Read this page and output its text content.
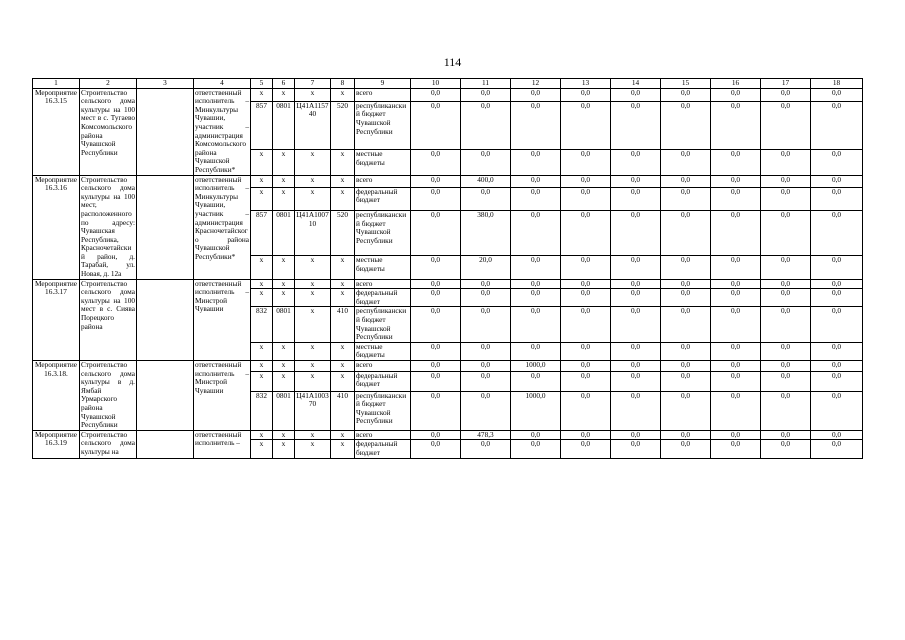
114
1	2	3	4	5	6	7	8	9	10	11	12	13	14	15	16	17	18
Мероприятие 16.3.15	Строительство сельского дома культуры на 100 мест в с. Тугаево Комсомольского района Чувашской Республики		ответственный исполнитель – Минкультуры Чувашии, участник – администрация Комсомольского района Чувашской Республики*	x	x	x	x	всего	0,0	0,0	0,0	0,0	0,0	0,0	0,0	0,0	0,0
				857	0801	Ц41А115740	520	республиканский бюджет Чувашской Республики	0,0	0,0	0,0	0,0	0,0	0,0	0,0	0,0	0,0
				x	x	x	x	местные бюджеты	0,0	0,0	0,0	0,0	0,0	0,0	0,0	0,0	0,0
Мероприятие 16.3.16	Строительство сельского дома культуры на 100 мест, расположенного по адресу: Чувашская Республика, Красночетайский район, д. Тарабай, ул. Новая, д. 12а		ответственный исполнитель – Минкультуры Чувашии, участник – администрация Красночетайского района Чувашской Республики*	x	x	x	x	всего	0,0	400,0	0,0	0,0	0,0	0,0	0,0	0,0	0,0
				x	x	x	x	федеральный бюджет	0,0	0,0	0,0	0,0	0,0	0,0	0,0	0,0	0,0
				857	0801	Ц41А100710	520	республиканский бюджет Чувашской Республики	0,0	380,0	0,0	0,0	0,0	0,0	0,0	0,0	0,0
				x	x	x	x	местные бюджеты	0,0	20,0	0,0	0,0	0,0	0,0	0,0	0,0	0,0
Мероприятие 16.3.17	Строительство сельского дома культуры на 100 мест в с. Сиява Порецкого района		ответственный исполнитель – Минстрой Чувашии	x	x	x	x	всего	0,0	0,0	0,0	0,0	0,0	0,0	0,0	0,0	0,0
				x	x	x	x	федеральный бюджет	0,0	0,0	0,0	0,0	0,0	0,0	0,0	0,0	0,0
				832	0801	x	410	республиканский бюджет Чувашской Республики	0,0	0,0	0,0	0,0	0,0	0,0	0,0	0,0	0,0
				x	x	x	x	местные бюджеты	0,0	0,0	0,0	0,0	0,0	0,0	0,0	0,0	0,0
Мероприятие 16.3.18.	Строительство сельского дома культуры в д. Ямбай Урмарского района Чувашской Республики		ответственный исполнитель – Минстрой Чувашии	x	x	x	x	всего	0,0	0,0	1000,0	0,0	0,0	0,0	0,0	0,0	0,0
				x	x	x	x	федеральный бюджет	0,0	0,0	0,0	0,0	0,0	0,0	0,0	0,0	0,0
				832	0801	Ц41А100370	410	республиканский бюджет Чувашской Республики	0,0	0,0	1000,0	0,0	0,0	0,0	0,0	0,0	0,0
Мероприятие 16.3.19	Строительство сельского дома культуры на		ответственный исполнитель –	x	x	x	x	всего	0,0	478,3	0,0	0,0	0,0	0,0	0,0	0,0	0,0
				x	x	x	x	федеральный бюджет	0,0	0,0	0,0	0,0	0,0	0,0	0,0	0,0	0,0
